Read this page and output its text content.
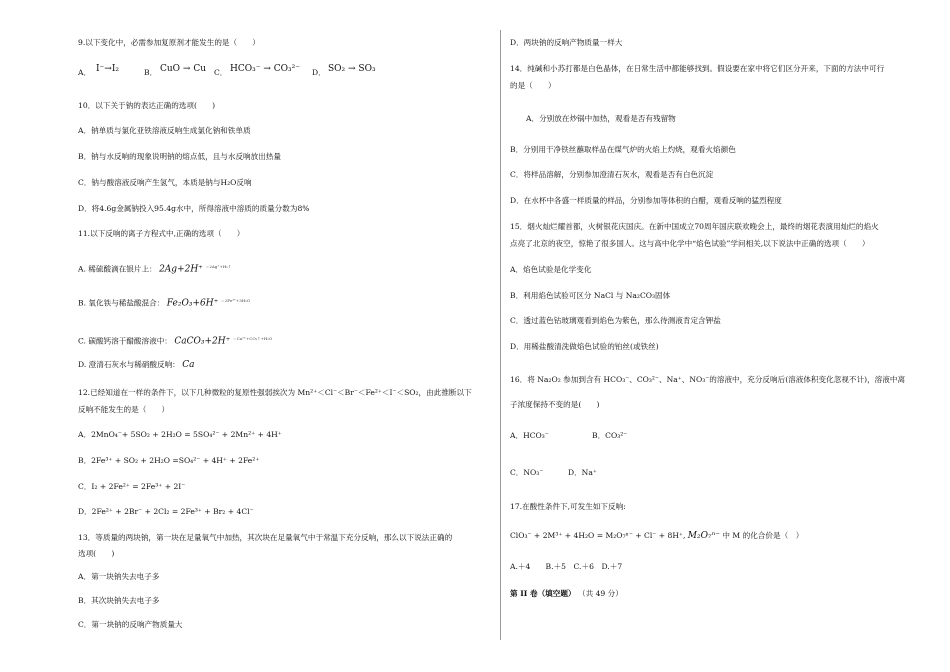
9.以下变化中，必需参加复原剂才能发生的是（　　）
A． I⁻→I₂	B． CuO → Cu C． HCO₃⁻ → CO₃²⁻ D． SO₂ → SO₃
10．以下关于钠的表达正确的选项(　　)
A．钠单质与氯化亚铁溶液反响生成氯化钠和铁单质
B．钠与水反响的现象说明钠的熔点低，且与水反响放出热量
C．钠与酸溶液反响产生氢气，本质是钠与H₂O反响
D．将4.6g金属钠投入95.4g水中，所得溶液中溶质的质量分数为8%
11.以下反响的离子方程式中,正确的选项（　　）
A. 稀硫酸滴在银片上： 2Ag+2H⁺ $^{=2Ag^++H_2↑}$
B. 氧化铁与稀盐酸混合： Fe₂O₃+6H⁺ $^{=2Fe^{3+}+3H_2O}$
C. 碳酸钙溶于醋酸溶液中： CaCO₃+2H⁺ $^{=Ca^{2+}+CO_2↑+H_2O}$
D. 澄清石灰水与稀硝酸反响： Ca
12.已经知道在一样的条件下，以下几种微粒的复原性强弱挨次为 Mn²⁺＜Cl⁻＜Br⁻＜Fe²⁺＜I⁻＜SO₂，由此推断以下
反响不能发生的是（　　）
A．2MnO₄⁻+ 5SO₂ + 2H₂O = 5SO₄²⁻ + 2Mn²⁺ + 4H⁺
B．2Fe³⁺ + SO₂ + 2H₂O =SO₄²⁻ + 4H⁺ + 2Fe²⁺
C．I₂ + 2Fe²⁺ = 2Fe³⁺ + 2I⁻
D．2Fe²⁺ + 2Br⁻ + 2Cl₂ = 2Fe³⁺ + Br₂ + 4Cl⁻
13．等质量的两块钠，第一块在足量氧气中加热，其次块在足量氧气中于常温下充分反响，那么以下说法正确的
选项(　　)
A．第一块钠失去电子多
B．其次块钠失去电子多
C．第一块钠的反响产物质量大
D．两块钠的反响产物质量一样大
14．纯碱和小苏打都是白色晶体，在日常生活中都能够找到。假设要在家中将它们区分开来，下面的方法中可行
的是（　　）
A．分别放在炒锅中加热，观看是否有残留物
B．分别用干净铁丝蘸取样品在煤气炉的火焰上灼烧，观看火焰颜色
C．将样品溶解，分别参加澄清石灰水，观看是否有白色沉淀
D．在水杯中各盛一样质量的样品，分别参加等体积的白醋，观看反响的猛烈程度
15．烟火灿烂耀首都，火树银花庆国庆。在新中国成立70周年国庆联欢晚会上，最终的烟花表演用灿烂的焰火
点亮了北京的夜空，惊艳了很多国人。这与高中化学中“焰色试验”学问相关,以下说法中正确的选项（　　）
A．焰色试验是化学变化
B．利用焰色试验可区分 NaCl 与 Na₂CO₃固体
C．透过蓝色钴玻璃观看到焰色为紫色，那么待测液肯定含钾盐
D．用稀盐酸清洗做焰色试验的铂丝(或铁丝)
16．将 Na₂O₂ 参加到含有 HCO₃⁻、CO₃²⁻、Na⁺、NO₃⁻的溶液中，充分反响后(溶液体积变化忽视不计)，溶液中离
子浓度保持不变的是(　　)
A．HCO₃⁻	B．CO₃²⁻
C．NO₃⁻	D．Na⁺
17.在酸性条件下,可发生如下反响:
ClO₃⁻ + 2M³⁺ + 4H₂O = M₂O₇ⁿ⁻ + Cl⁻ + 8H⁺, M₂O₇ⁿ⁻ 中 M 的化合价是（　）
A.＋4　　B.＋5　C.＋6　D.＋7
第 II 卷（填空题） （共 49 分）
